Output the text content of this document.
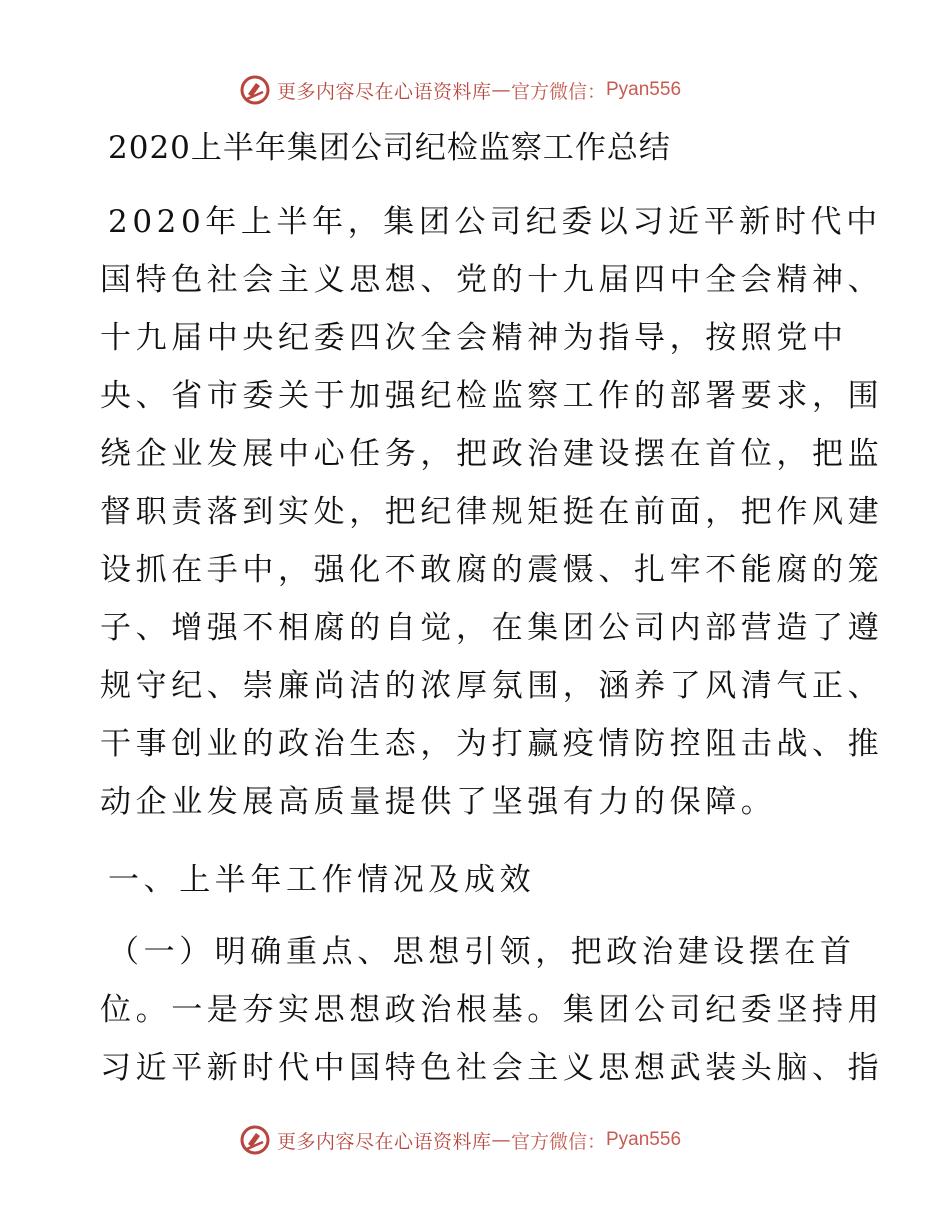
更多内容尽在心语资料库 — 官方微信： Pyan556
2020上半年集团公司纪检监察工作总结
2020年上半年，集团公司纪委以习近平新时代中
国特色社会主义思想、党的十九届四中全会精神、
十九届中央纪委四次全会精神为指导，按照党中
央、省市委关于加强纪检监察工作的部署要求，围
绕企业发展中心任务，把政治建设摆在首位，把监
督职责落到实处，把纪律规矩挺在前面，把作风建
设抓在手中，强化不敢腐的震慑、扎牢不能腐的笼
子、增强不相腐的自觉，在集团公司内部营造了遵
规守纪、崇廉尚洁的浓厚氛围，涵养了风清气正、
干事创业的政治生态，为打赢疫情防控阻击战、推
动企业发展高质量提供了坚强有力的保障。
一、上半年工作情况及成效
（一）明确重点、思想引领，把政治建设摆在首
位。一是夯实思想政治根基。集团公司纪委坚持用
习近平新时代中国特色社会主义思想武装头脑、指
更多内容尽在心语资料库 — 官方微信： Pyan556
